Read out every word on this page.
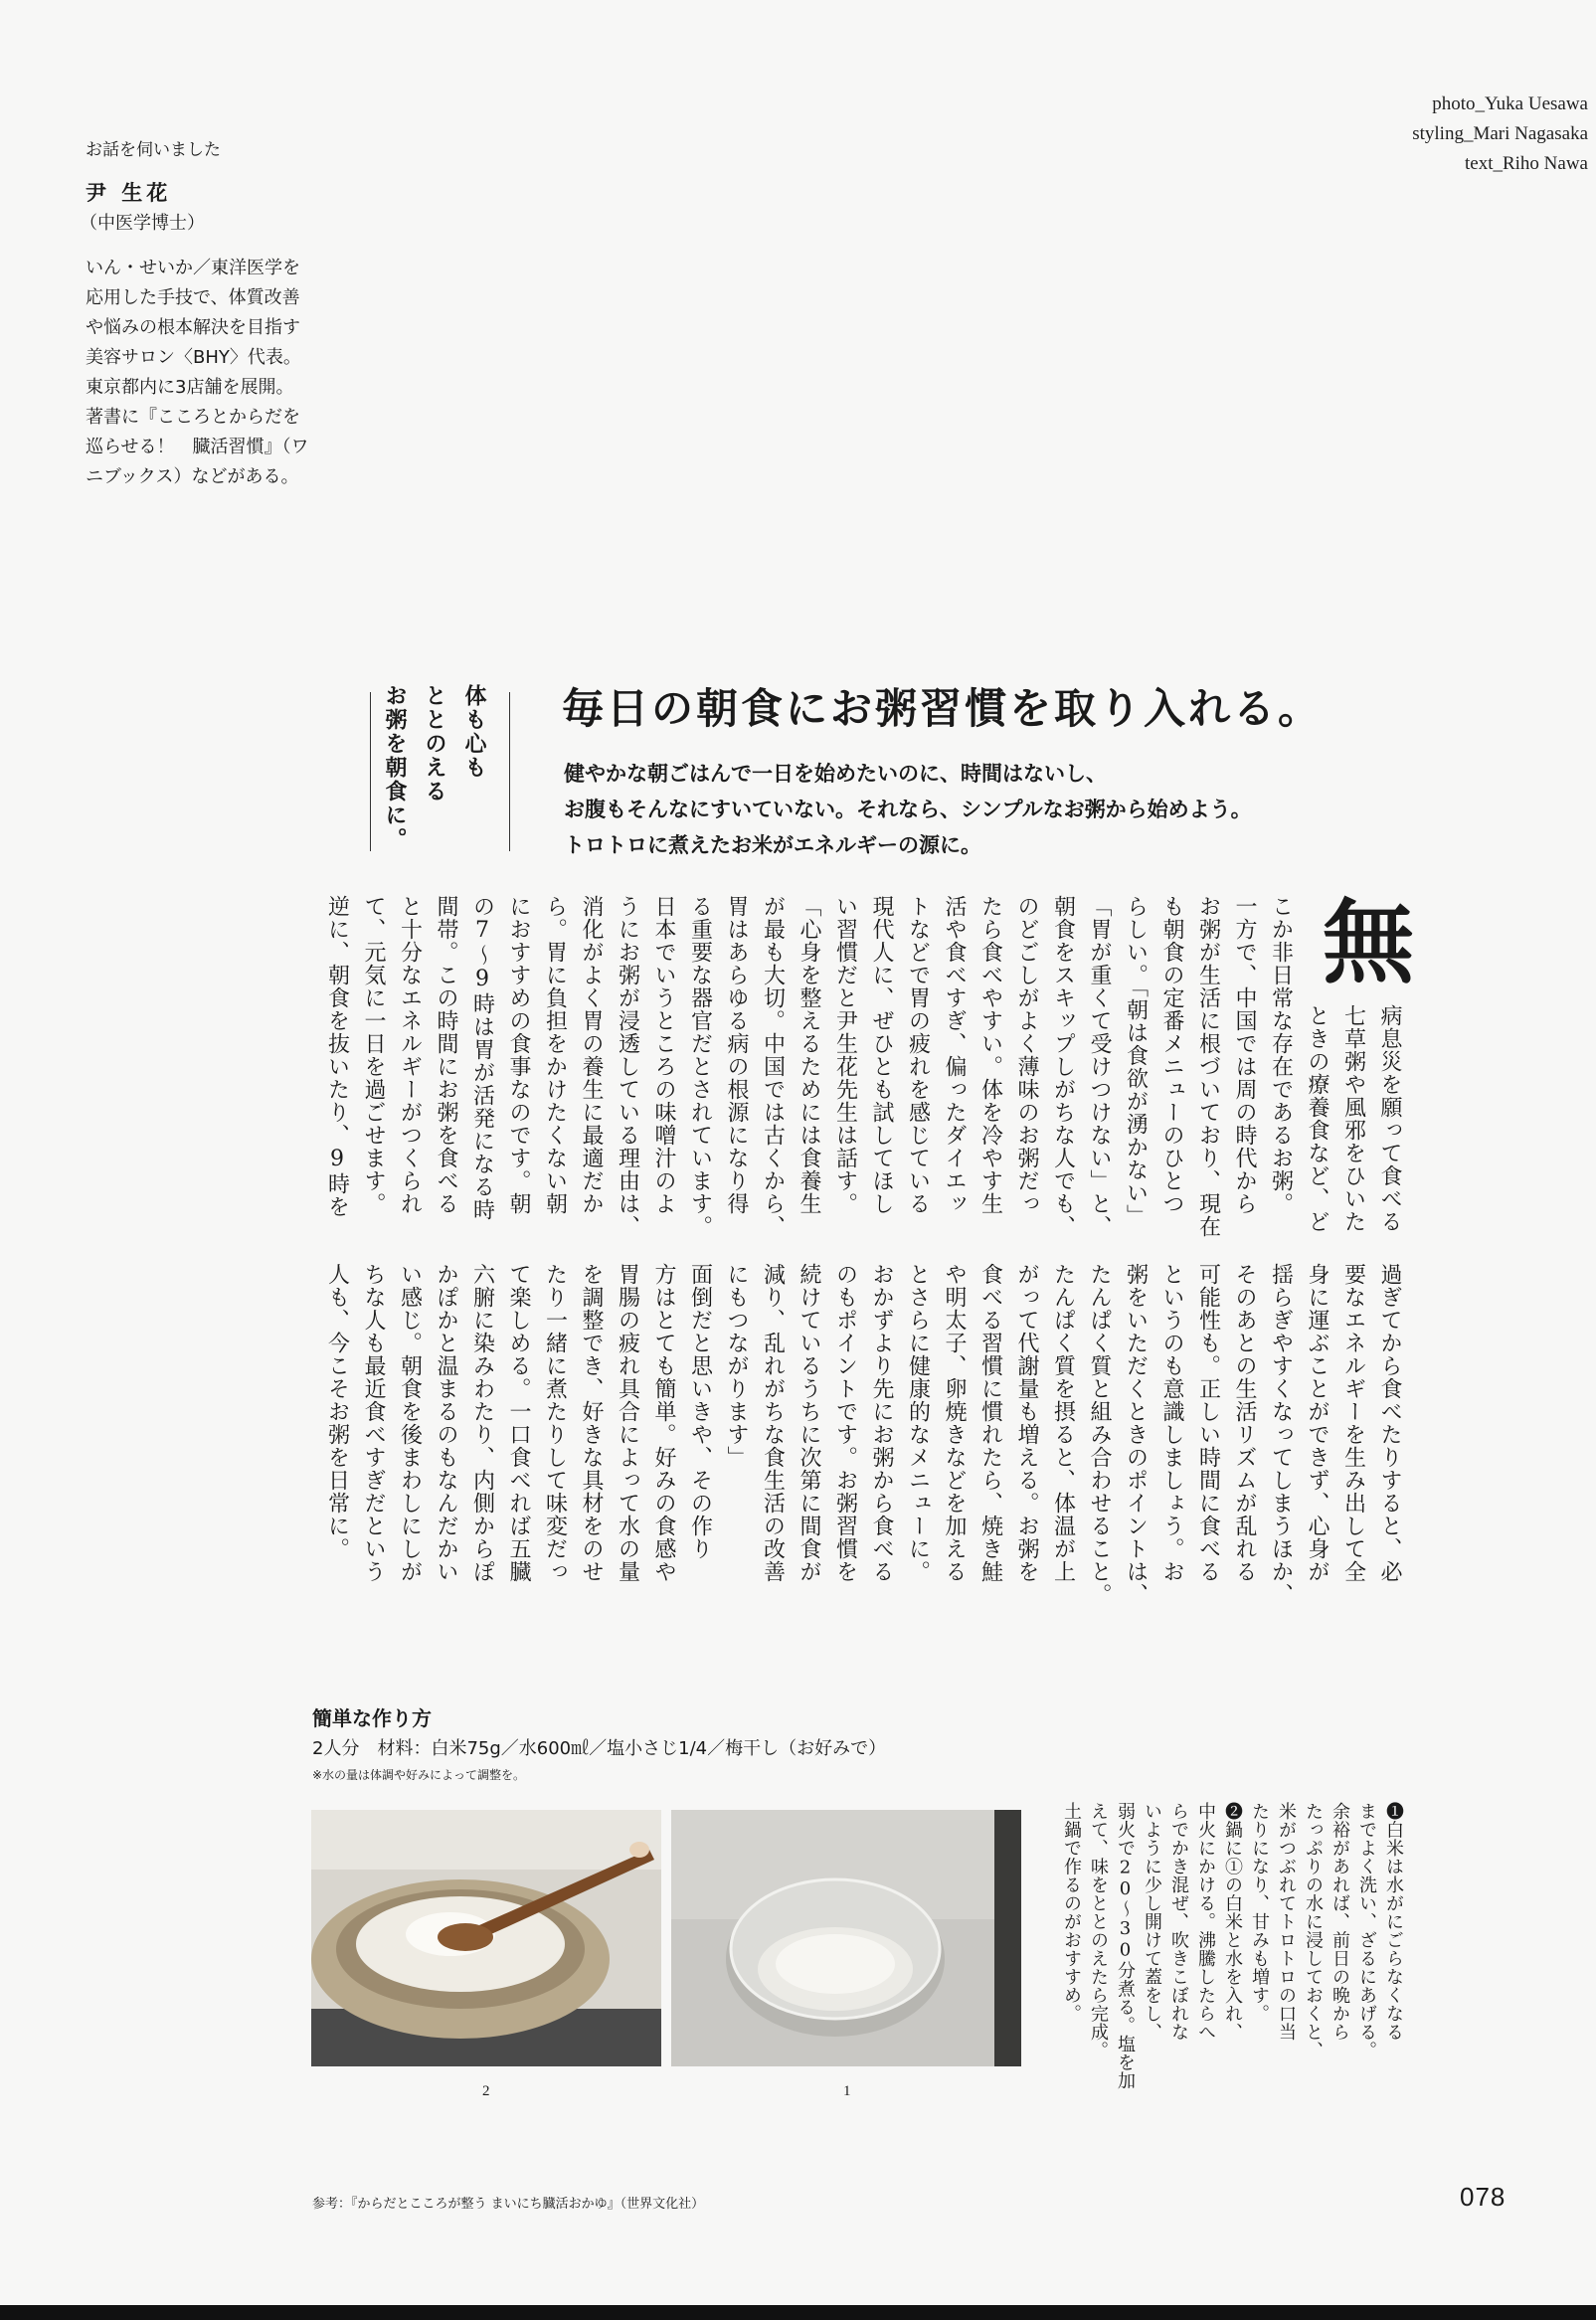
photo_Yuka Uesawa
styling_Mari Nagasaka
text_Riho Nawa
お話を伺いました
尹 生花
（中医学博士）
いん・せいか／東洋医学を
応用した手技で、体質改善
や悩みの根本解決を目指す
美容サロン〈BHY〉代表。
東京都内に3店舗を展開。
著書に『こころとからだを
巡らせる！　臓活習慣』（ワ
ニブックス）などがある。
体も心も
ととのえる
お粥を朝食に。	毎日の朝食にお粥習慣を取り入れる。
健やかな朝ごはんで一日を始めたいのに、時間はないし、
お腹もそんなにすいていない。それなら、シンプルなお粥から始めよう。
トロトロに煮えたお米がエネルギーの源に。
無
病息災を願って食べる
七草粥や風邪をひいた
ときの療養食など、ど
こか非日常な存在であるお粥。
一方で、中国では周の時代から
お粥が生活に根づいており、現在
も朝食の定番メニューのひとつ
らしい。「朝は食欲が湧かない」
「胃が重くて受けつけない」と、
朝食をスキップしがちな人でも、
のどごしがよく薄味のお粥だっ
たら食べやすい。体を冷やす生
活や食べすぎ、偏ったダイエッ
トなどで胃の疲れを感じている
現代人に、ぜひとも試してほし
い習慣だと尹生花先生は話す。
「心身を整えるためには食養生
が最も大切。中国では古くから、
胃はあらゆる病の根源になり得
る重要な器官だとされています。
日本でいうところの味噌汁のよ
うにお粥が浸透している理由は、
消化がよく胃の養生に最適だか
ら。胃に負担をかけたくない朝
におすすめの食事なのです。朝
の7〜9時は胃が活発になる時
間帯。この時間にお粥を食べる
と十分なエネルギーがつくられ
て、元気に一日を過ごせます。
逆に、朝食を抜いたり、9時を
過ぎてから食べたりすると、必
要なエネルギーを生み出して全
身に運ぶことができず、心身が
揺らぎやすくなってしまうほか、
そのあとの生活リズムが乱れる
可能性も。正しい時間に食べる
というのも意識しましょう。お
粥をいただくときのポイントは、
たんぱく質と組み合わせること。
たんぱく質を摂ると、体温が上
がって代謝量も増える。お粥を
食べる習慣に慣れたら、焼き鮭
や明太子、卵焼きなどを加える
とさらに健康的なメニューに。
おかずより先にお粥から食べる
のもポイントです。お粥習慣を
続けているうちに次第に間食が
減り、乱れがちな食生活の改善
にもつながります」
面倒だと思いきや、その作り
方はとても簡単。好みの食感や
胃腸の疲れ具合によって水の量
を調整でき、好きな具材をのせ
たり一緒に煮たりして味変だっ
て楽しめる。一口食べれば五臓
六腑に染みわたり、内側からぽ
かぽかと温まるのもなんだかい
い感じ。朝食を後まわしにしが
ちな人も最近食べすぎだという
人も、今こそお粥を日常に。
簡単な作り方
2人分　材料：白米75g／水600㎖／塩小さじ1/4／梅干し（お好みで）
※水の量は体調や好みによって調整を。
2	1
❶白米は水がにごらなくなる
までよく洗い、ざるにあげる。
余裕があれば、前日の晩から
たっぷりの水に浸しておくと、
米がつぶれてトロトロの口当
たりになり、甘みも増す。
❷鍋に①の白米と水を入れ、
中火にかける。沸騰したらへ
らでかき混ぜ、吹きこぼれな
いように少し開けて蓋をし、
弱火で20〜30分煮る。塩を加
えて、味をととのえたら完成。
土鍋で作るのがおすすめ。
参考：『からだとこころが整う まいにち臓活おかゆ』（世界文化社）	078
